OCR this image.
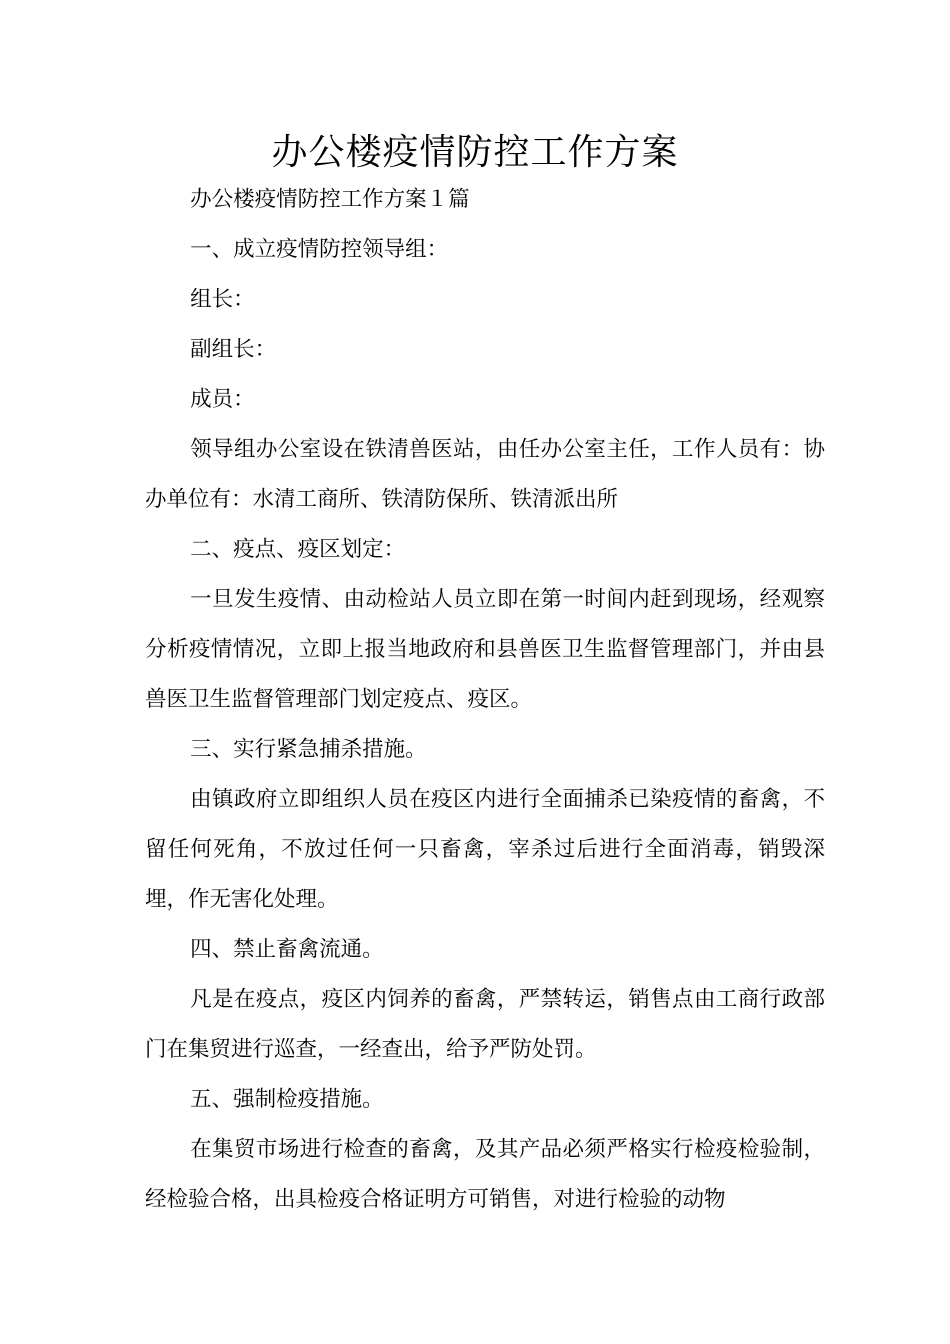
办公楼疫情防控工作方案

办公楼疫情防控工作方案１篇

一、成立疫情防控领导组：

组长：

副组长：

成员：

领导组办公室设在铁清兽医站，由任办公室主任，工作人员有：协办单位有：水清工商所、铁清防保所、铁清派出所

二、疫点、疫区划定：

一旦发生疫情、由动检站人员立即在第一时间内赶到现场，经观察分析疫情情况，立即上报当地政府和县兽医卫生监督管理部门，并由县兽医卫生监督管理部门划定疫点、疫区。

三、实行紧急捕杀措施。

由镇政府立即组织人员在疫区内进行全面捕杀已染疫情的畜禽，不留任何死角，不放过任何一只畜禽，宰杀过后进行全面消毒，销毁深埋，作无害化处理。

四、禁止畜禽流通。

凡是在疫点，疫区内饲养的畜禽，严禁转运，销售点由工商行政部门在集贸进行巡查，一经查出，给予严防处罚。

五、强制检疫措施。

在集贸市场进行检查的畜禽，及其产品必须严格实行检疫检验制，经检验合格，出具检疫合格证明方可销售，对进行检验的动物
